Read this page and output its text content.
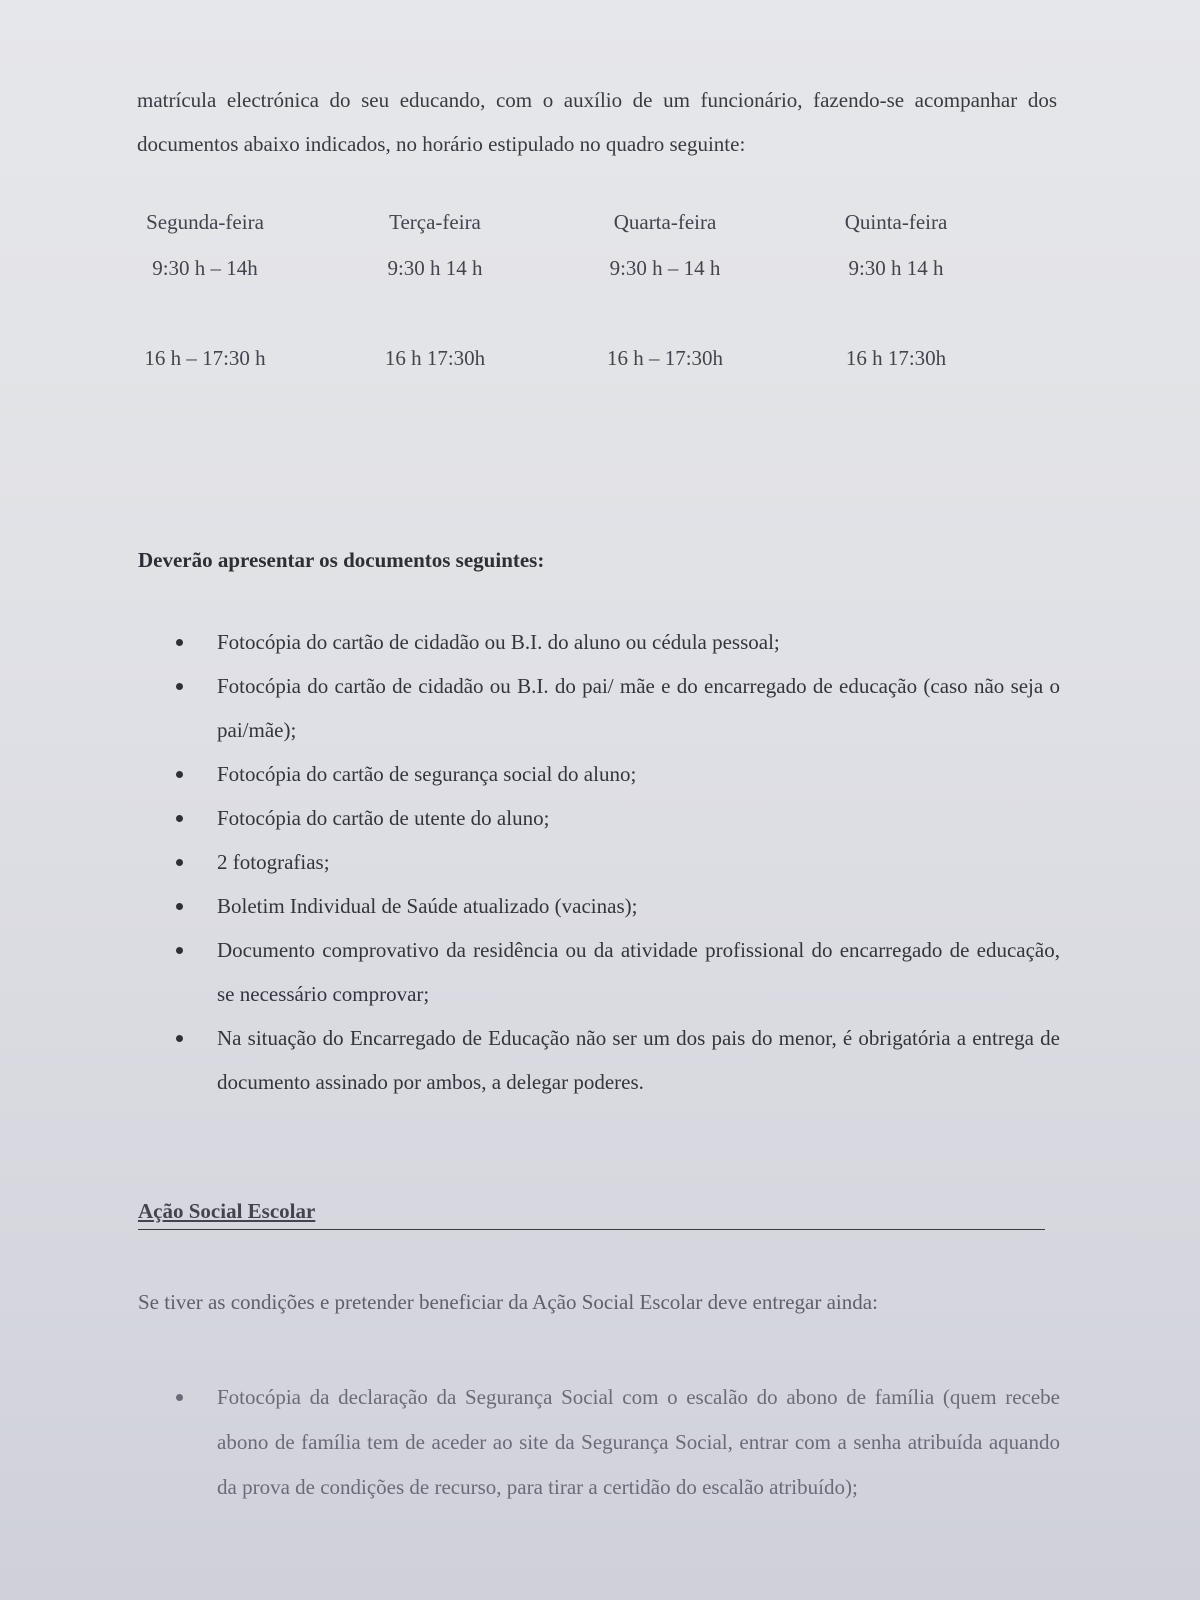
matrícula electrónica do seu educando, com o auxílio de um funcionário, fazendo-se acompanhar dos documentos abaixo indicados, no horário estipulado no quadro seguinte:
Segunda-feira
9:30 h – 14h
16 h – 17:30 h
Terça-feira
9:30 h 14 h
16 h 17:30h
Quarta-feira
9:30 h – 14 h
16 h – 17:30h
Quinta-feira
9:30 h 14 h
16 h 17:30h
Deverão apresentar os documentos seguintes:
Fotocópia do cartão de cidadão ou B.I. do aluno ou cédula pessoal;
Fotocópia do cartão de cidadão ou B.I. do pai/ mãe e do encarregado de educação (caso não seja o pai/mãe);
Fotocópia do cartão de segurança social do aluno;
Fotocópia do cartão de utente do aluno;
2 fotografias;
Boletim Individual de Saúde atualizado (vacinas);
Documento comprovativo da residência ou da atividade profissional do encarregado de educação, se necessário comprovar;
Na situação do Encarregado de Educação não ser um dos pais do menor, é obrigatória a entrega de documento assinado por ambos, a delegar poderes.
Ação Social Escolar
Se tiver as condições e pretender beneficiar da Ação Social Escolar deve entregar ainda:
Fotocópia da declaração da Segurança Social com o escalão do abono de família (quem recebe abono de família tem de aceder ao site da Segurança Social, entrar com a senha atribuída aquando da prova de condições de recurso, para tirar a certidão do escalão atribuído);
